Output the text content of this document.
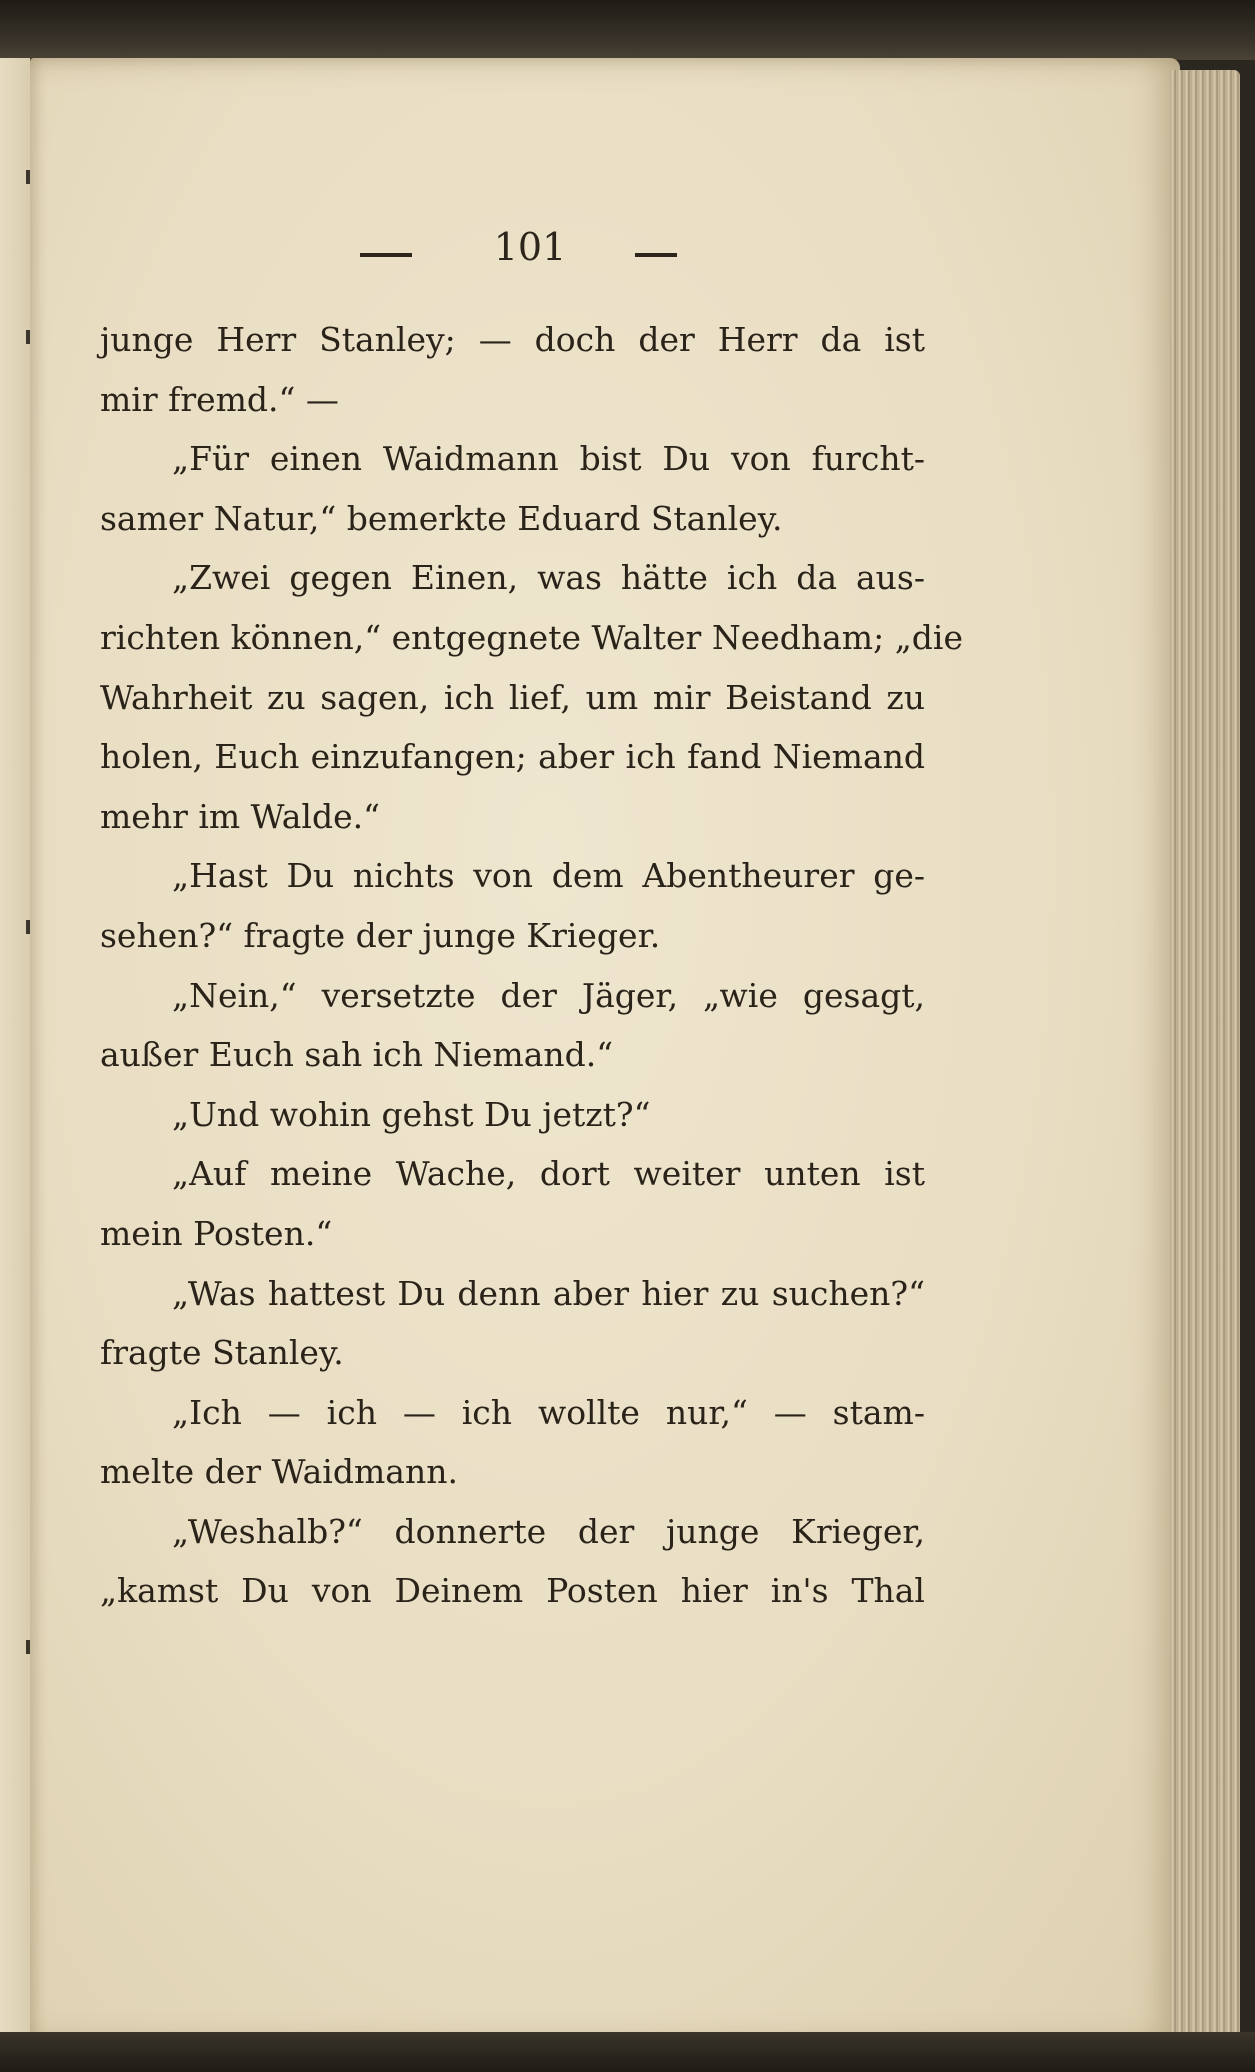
101
junge Herr Stanley; — doch der Herr da ist
mir fremd.“ —
„Für einen Waidmann bist Du von furcht-
samer Natur,“ bemerkte Eduard Stanley.
„Zwei gegen Einen, was hätte ich da aus-
richten können,“ entgegnete Walter Needham; „die
Wahrheit zu sagen, ich lief, um mir Beistand zu
holen, Euch einzufangen; aber ich fand Niemand
mehr im Walde.“
„Hast Du nichts von dem Abentheurer ge-
sehen?“ fragte der junge Krieger.
„Nein,“ versetzte der Jäger, „wie gesagt,
außer Euch sah ich Niemand.“
„Und wohin gehst Du jetzt?“
„Auf meine Wache, dort weiter unten ist
mein Posten.“
„Was hattest Du denn aber hier zu suchen?“
fragte Stanley.
„Ich — ich — ich wollte nur,“ — stam-
melte der Waidmann.
„Weshalb?“ donnerte der junge Krieger,
„kamst Du von Deinem Posten hier in's Thal
